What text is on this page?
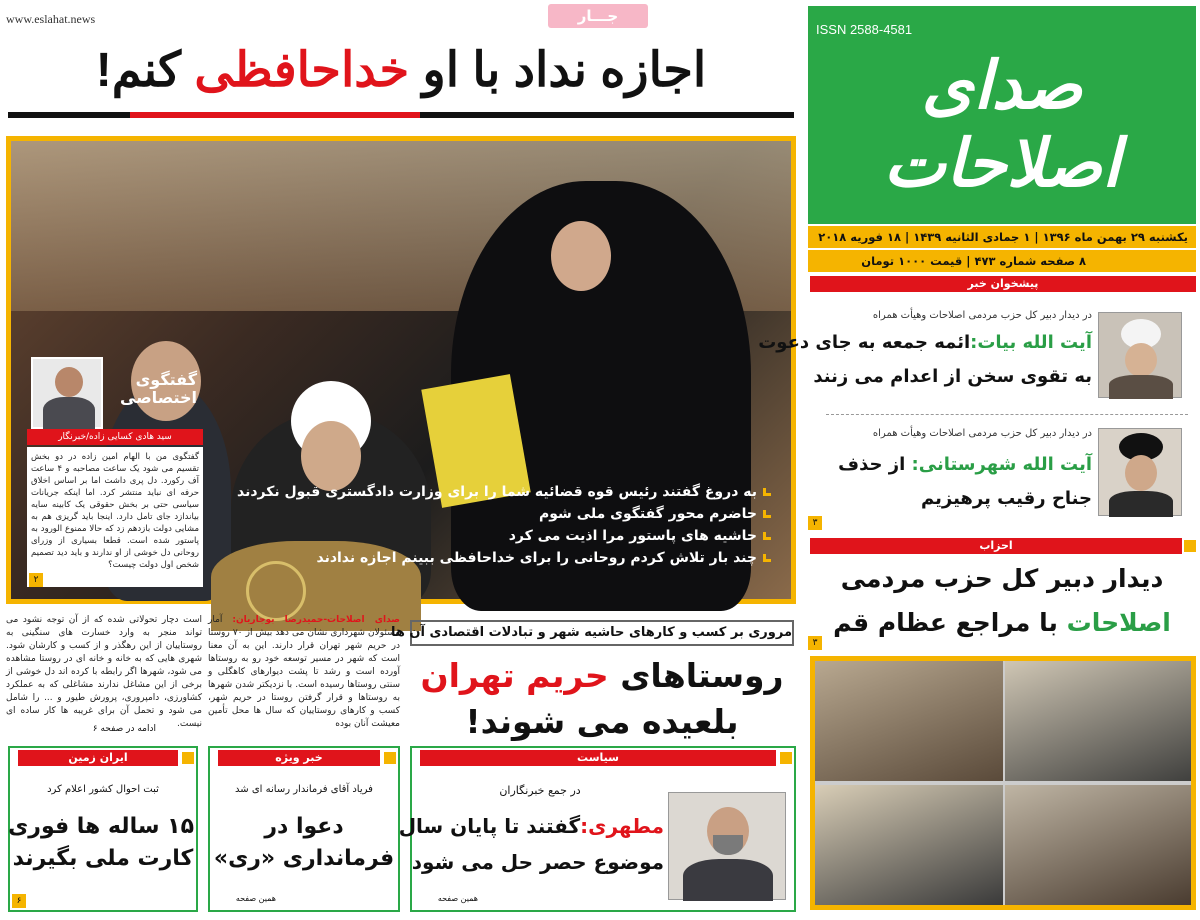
www.eslahat.news	جـــار
اجازه نداد با او خداحافظی کنم!
ISSN 2588-4581
صدای اصلاحات
یکشنبه ۲۹ بهمن ماه ۱۳۹۶ | ۱ جمادی الثانیه ۱۴۳۹ | ۱۸ فوریه ۲۰۱۸
۸ صفحه شماره ۴۷۳ | قیمت ۱۰۰۰ تومان
گفتگوی اختصاصی
سید هادی کسایی زاده/خبرنگار
گفتگوی من با الهام امین زاده در دو بخش تقسیم می شود یک ساعت مصاحبه و ۴ ساعت آف رکورد. دل پری داشت اما بر اساس اخلاق حرفه ای نباید منتشر کرد. اما اینکه جریانات سیاسی حتی بر بخش حقوقی یک کابینه سایه بیاندازد جای تامل دارد. اینجا باید گریزی هم به مشایی دولت بازدهم زد که حالا ممنوع الورود به پاستور شده است. قطعا بسیاری از وزرای روحانی دل خوشی از او ندارند و باید دید تصمیم شخص اول دولت چیست؟
۲
به دروغ گفتند رئیس قوه قضائیه شما را برای وزارت دادگستری قبول نکردند
حاضرم محور گفتگوی ملی شوم
حاشیه های پاستور مرا اذیت می کرد
چند بار تلاش کردم روحانی را برای خداحافظی ببینم اجازه ندادند
پیشخوان خبر
در دیدار دبیر کل حزب مردمی اصلاحات وهیأت همراه
آیت الله بیات:ائمه جمعه به جای دعوت
به تقوی سخن از اعدام می زنند
در دیدار دبیر کل حزب مردمی اصلاحات وهیأت همراه
آیت الله شهرستانی: از حذف
جناح رقیب پرهیزیم
۳
احزاب
دیدار دبیر کل حزب مردمی
اصلاحات با مراجع عظام قم
۳
صدای اصلاحات-حمیدرضا بوجاریان: آمار مسئولان شهرداری نشان می دهد بیش از ۷۰ روستا در حریم شهر تهران قرار دارند. این به آن معنا است که شهر در مسیر توسعه خود رو به روستاها آورده است و رشد تا پشت دیوارهای کاهگلی و سنتی روستاها رسیده است. با نزدیکتر شدن شهرها به روستاها و قرار گرفتن روستا در حریم شهر، کسب و کارهای روستاییان که سال ها محل تأمین معیشت آنان بوده
است دچار تحولاتی شده که از آن توجه نشود می تواند منجر به وارد خسارت های سنگینی به روستاییان از این رهگذر و از کسب و کارشان شود. شهری هایی که به خانه و خانه ای در روستا مشاهده می شود، شهرها اگر رابطه با کرده اند دل خوشی از برخی از این مشاغل ندارند مشاغلی که به عملکرد کشاورزی، دامپروری، پرورش طیور و ... را شامل می شود و تحمل آن برای غریبه ها کار ساده ای نیست.
ادامه در صفحه ۶
مروری بر کسب و کارهای حاشیه شهر و تبادلات اقتصادی آن ها
روستاهای حریم تهران
بلعیده می شوند!
ایران زمین
ثبت احوال کشور اعلام کرد
۱۵ ساله ها فوری
کارت ملی بگیرند
۶
خبر ویژه
فریاد آقای فرماندار رسانه ای شد
دعوا در
فرمانداری «ری»
همین صفحه
سیاست
در جمع خبرنگاران
مطهری:گفتند تا پایان سال
موضوع حصر حل می شود
همین صفحه
